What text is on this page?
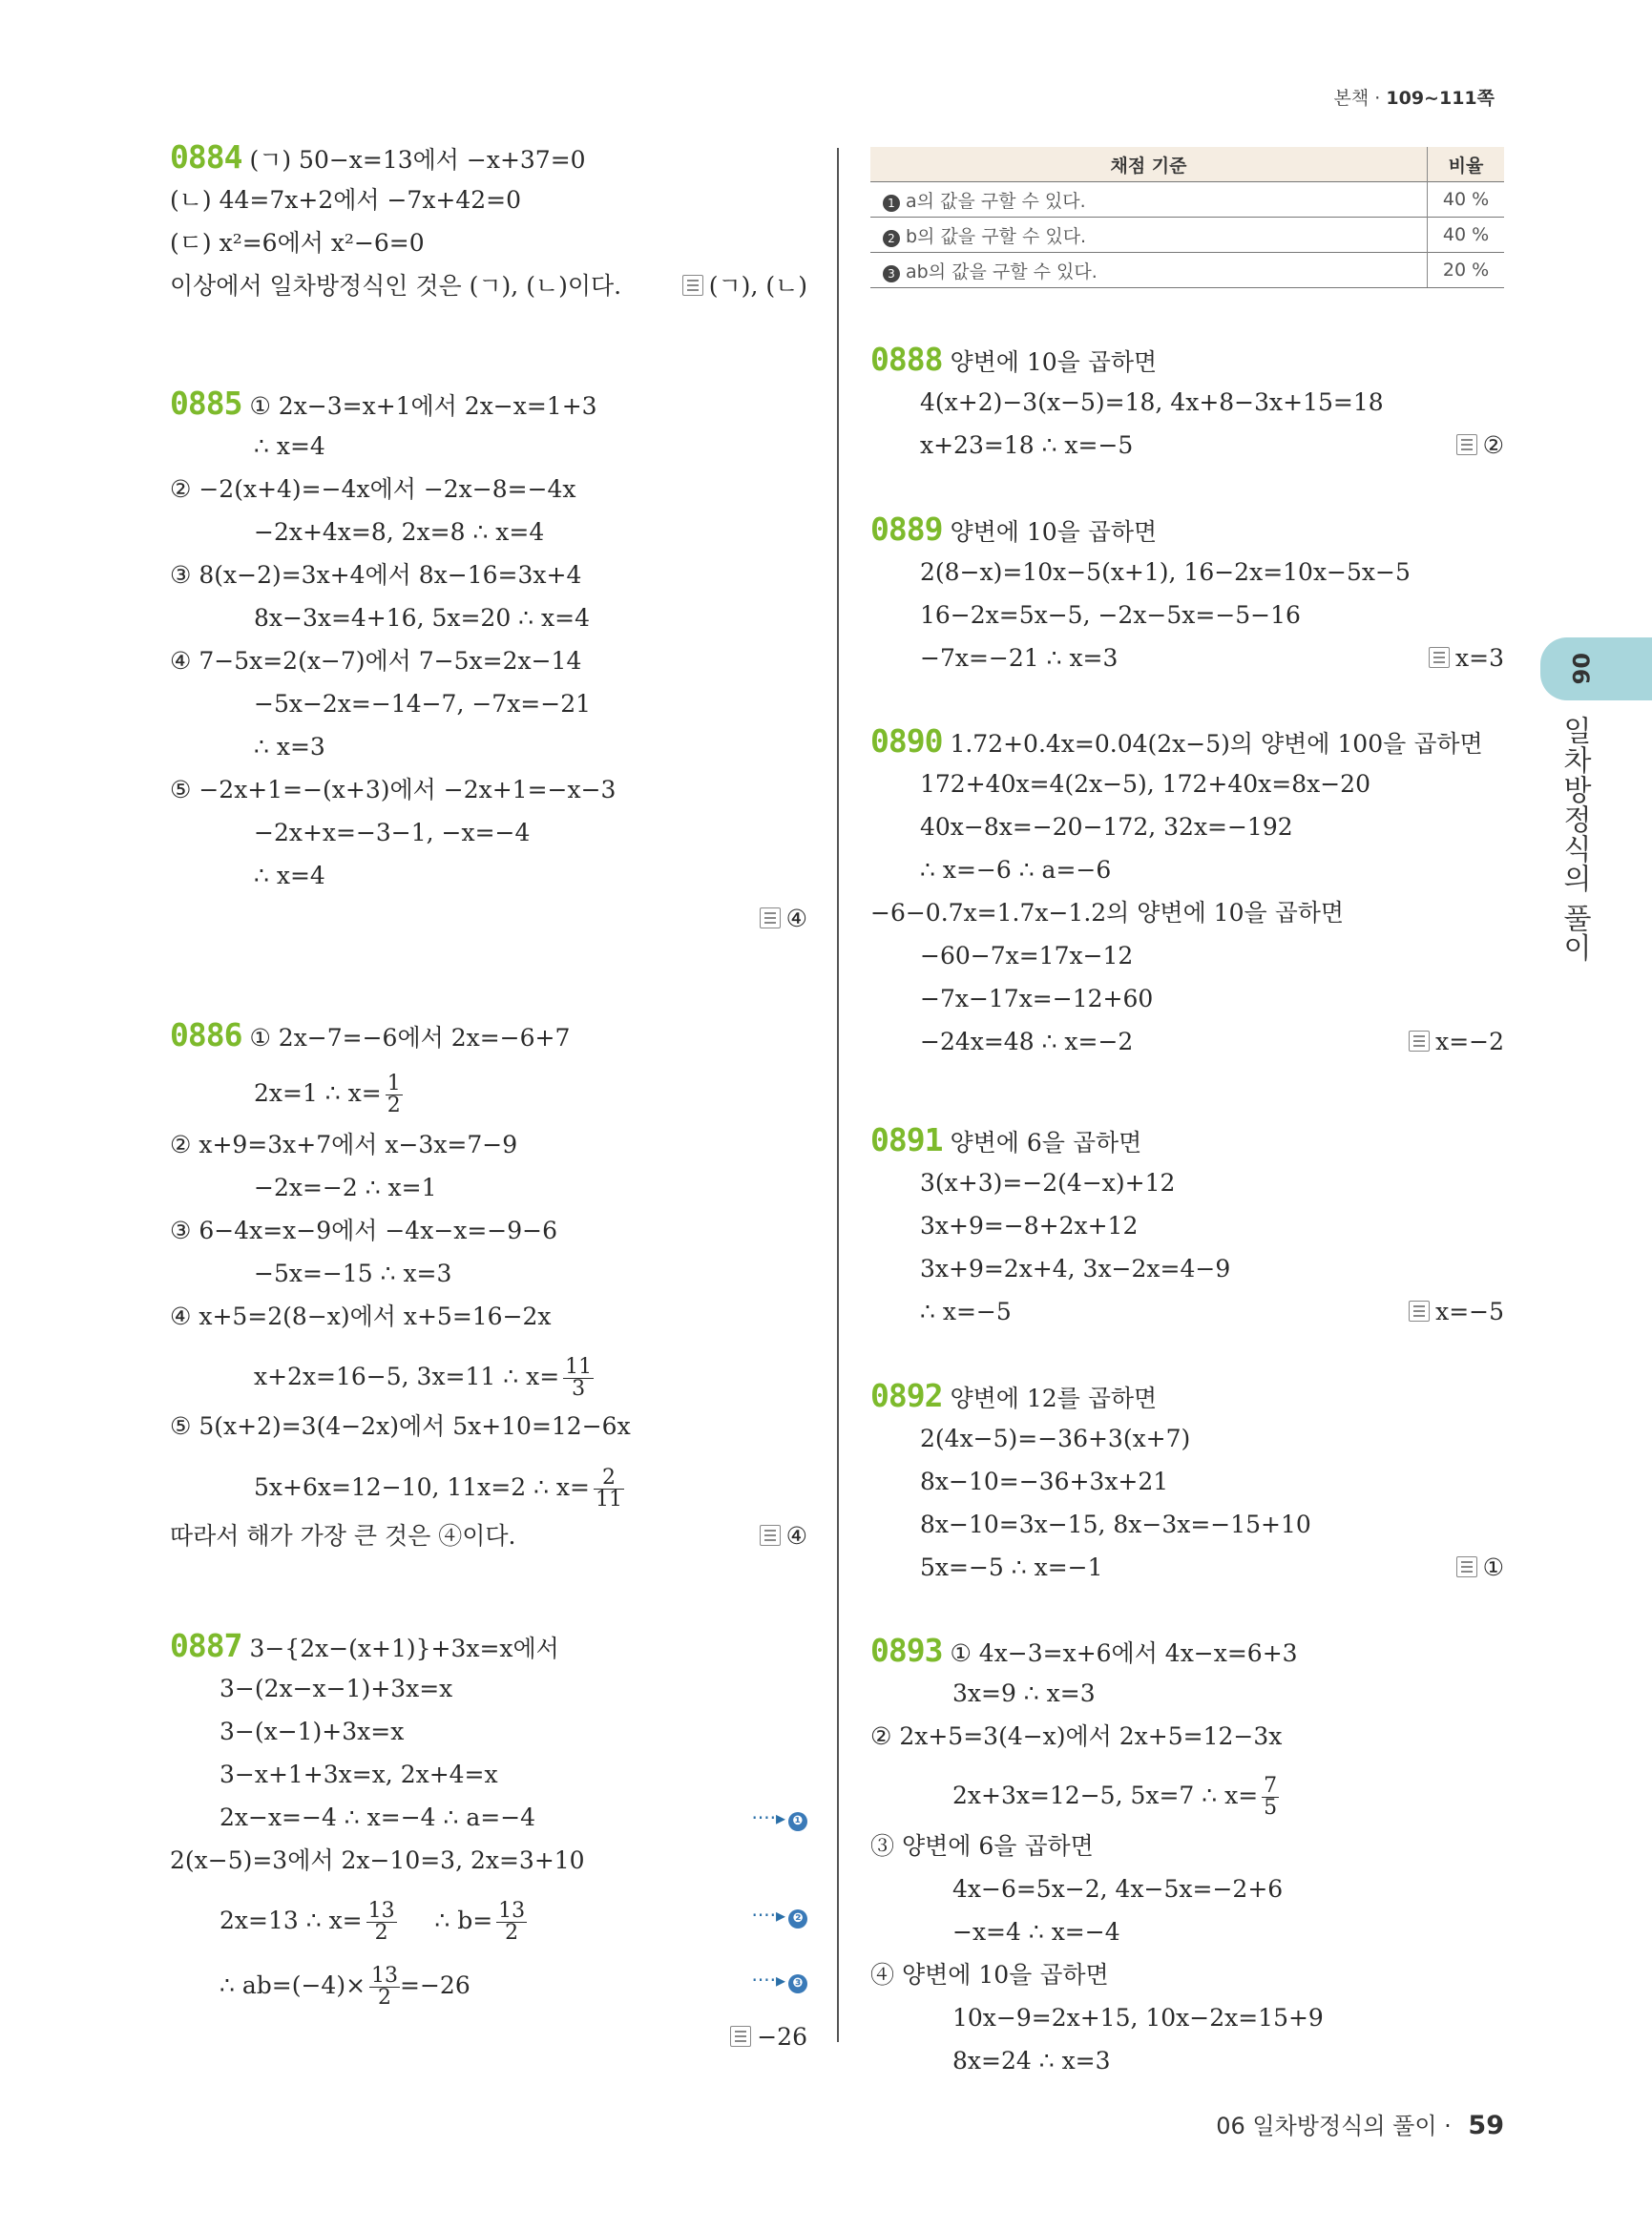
본책 · 109~111쪽
0884 (ㄱ) 50−x=13에서 −x+37=0
(ㄴ) 44=7x+2에서 −7x+42=0
(ㄷ) x²=6에서 x²−6=0
이상에서 일차방정식인 것은 (ㄱ), (ㄴ)이다.	(ㄱ), (ㄴ)
0885 ① 2x−3=x+1에서 2x−x=1+3
∴ x=4
② −2(x+4)=−4x에서 −2x−8=−4x
−2x+4x=8, 2x=8 ∴ x=4
③ 8(x−2)=3x+4에서 8x−16=3x+4
8x−3x=4+16, 5x=20 ∴ x=4
④ 7−5x=2(x−7)에서 7−5x=2x−14
−5x−2x=−14−7, −7x=−21
∴ x=3
⑤ −2x+1=−(x+3)에서 −2x+1=−x−3
−2x+x=−3−1, −x=−4
∴ x=4
④
0886 ① 2x−7=−6에서 2x=−6+7
2x=1 ∴ $x= \frac{1}{2}$
② x+9=3x+7에서 x−3x=7−9
−2x=−2 ∴ x=1
③ 6−4x=x−9에서 −4x−x=−9−6
−5x=−15 ∴ x=3
④ x+5=2(8−x)에서 x+5=16−2x
x+2x=16−5, 3x=11 ∴ $x= \frac{11}{3}$
⑤ 5(x+2)=3(4−2x)에서 5x+10=12−6x
5x+6x=12−10, 11x=2 ∴ $x= \frac{2}{11}$
따라서 해가 가장 큰 것은 ④이다.	④
0887 3−{2x−(x+1)}+3x=x에서
3−(2x−x−1)+3x=x
3−(x−1)+3x=x
3−x+1+3x=x, 2x+4=x
2x−x=−4 ∴ x=−4 ∴ a=−4	····▸ ❶
2(x−5)=3에서 2x−10=3, 2x=3+10
2x=13 ∴ $x= \frac{13}{2}$ ∴ $b= \frac{13}{2}$	····▸ ❷
∴ $ab=(-4)\times \frac{13}{2} =-26$	····▸ ❸
−26
채점 기준	비율
1 a의 값을 구할 수 있다.	40 %
2 b의 값을 구할 수 있다.	40 %
3 ab의 값을 구할 수 있다.	20 %
0888 양변에 10을 곱하면
4(x+2)−3(x−5)=18, 4x+8−3x+15=18
x+23=18 ∴ x=−5	②
0889 양변에 10을 곱하면
2(8−x)=10x−5(x+1), 16−2x=10x−5x−5
16−2x=5x−5, −2x−5x=−5−16
−7x=−21 ∴ x=3	x=3
0890 1.72+0.4x=0.04(2x−5)의 양변에 100을 곱하면
172+40x=4(2x−5), 172+40x=8x−20
40x−8x=−20−172, 32x=−192
∴ x=−6 ∴ a=−6
−6−0.7x=1.7x−1.2의 양변에 10을 곱하면
−60−7x=17x−12
−7x−17x=−12+60
−24x=48 ∴ x=−2	x=−2
0891 양변에 6을 곱하면
3(x+3)=−2(4−x)+12
3x+9=−8+2x+12
3x+9=2x+4, 3x−2x=4−9
∴ x=−5	x=−5
0892 양변에 12를 곱하면
2(4x−5)=−36+3(x+7)
8x−10=−36+3x+21
8x−10=3x−15, 8x−3x=−15+10
5x=−5 ∴ x=−1	①
0893 ① 4x−3=x+6에서 4x−x=6+3
3x=9 ∴ x=3
② 2x+5=3(4−x)에서 2x+5=12−3x
2x+3x=12−5, 5x=7 ∴ $x= \frac{7}{5}$
③ 양변에 6을 곱하면
4x−6=5x−2, 4x−5x=−2+6
−x=4 ∴ x=−4
④ 양변에 10을 곱하면
10x−9=2x+15, 10x−2x=15+9
8x=24 ∴ x=3
06
일차방정식의 풀이
06 일차방정식의 풀이 · 59
